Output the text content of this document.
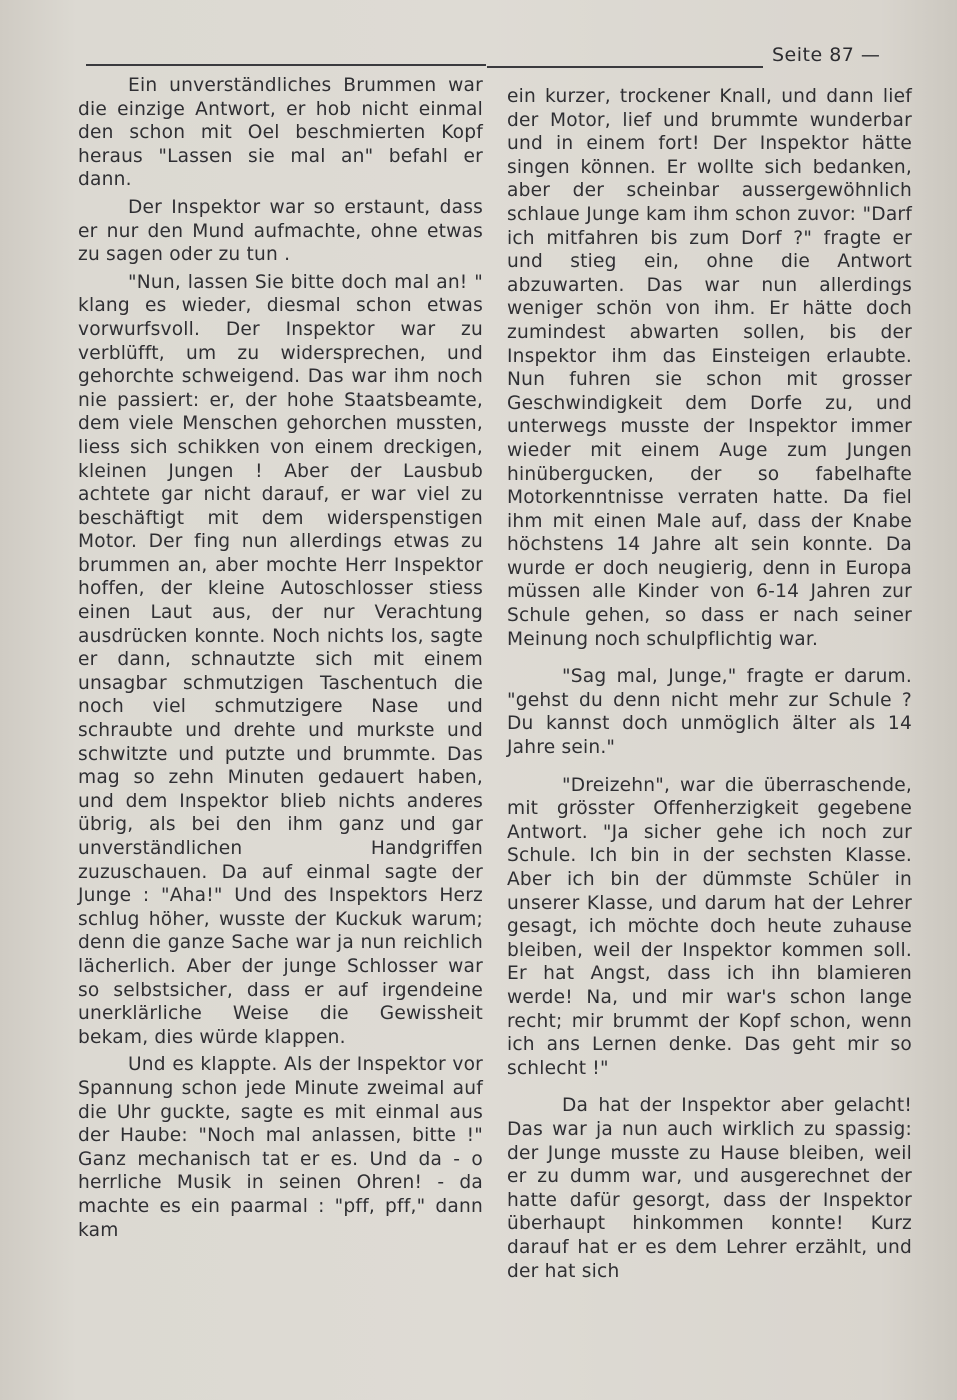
Seite 87 —

Ein unverständliches Brummen war die einzige Antwort, er hob nicht einmal den schon mit Oel beschmierten Kopf heraus "Lassen sie mal an" befahl er dann.

Der Inspektor war so erstaunt, dass er nur den Mund aufmachte, ohne etwas zu sagen oder zu tun .

"Nun, lassen Sie bitte doch mal an! " klang es wieder, diesmal schon etwas vorwurfsvoll. Der Inspektor war zu verblüfft, um zu widersprechen, und gehorchte schweigend. Das war ihm noch nie passiert: er, der hohe Staatsbeamte, dem viele Menschen gehorchen mussten, liess sich schikken von einem dreckigen, kleinen Jungen ! Aber der Lausbub achtete gar nicht darauf, er war viel zu beschäftigt mit dem widerspenstigen Motor. Der fing nun allerdings etwas zu brummen an, aber mochte Herr Inspektor hoffen, der kleine Autoschlosser stiess einen Laut aus, der nur Verachtung ausdrücken konnte. Noch nichts los, sagte er dann, schnautzte sich mit einem unsagbar schmutzigen Taschentuch die noch viel schmutzigere Nase und schraubte und drehte und murkste und schwitzte und putzte und brummte. Das mag so zehn Minuten gedauert haben, und dem Inspektor blieb nichts anderes übrig, als bei den ihm ganz und gar unverständlichen Handgriffen zuzuschauen. Da auf einmal sagte der Junge : "Aha!" Und des Inspektors Herz schlug höher, wusste der Kuckuk warum; denn die ganze Sache war ja nun reichlich lächerlich. Aber der junge Schlosser war so selbstsicher, dass er auf irgendeine unerklärliche Weise die Gewissheit bekam, dies würde klappen.

Und es klappte. Als der Inspektor vor Spannung schon jede Minute zweimal auf die Uhr guckte, sagte es mit einmal aus der Haube: "Noch mal anlassen, bitte !" Ganz mechanisch tat er es. Und da - o herrliche Musik in seinen Ohren! - da machte es ein paarmal : "pff, pff," dann kam

ein kurzer, trockener Knall, und dann lief der Motor, lief und brummte wunderbar und in einem fort! Der Inspektor hätte singen können. Er wollte sich bedanken, aber der scheinbar aussergewöhnlich schlaue Junge kam ihm schon zuvor: "Darf ich mitfahren bis zum Dorf ?" fragte er und stieg ein, ohne die Antwort abzuwarten. Das war nun allerdings weniger schön von ihm. Er hätte doch zumindest abwarten sollen, bis der Inspektor ihm das Einsteigen erlaubte. Nun fuhren sie schon mit grosser Geschwindigkeit dem Dorfe zu, und unterwegs musste der Inspektor immer wieder mit einem Auge zum Jungen hinübergucken, der so fabelhafte Motorkenntnisse verraten hatte. Da fiel ihm mit einen Male auf, dass der Knabe höchstens 14 Jahre alt sein konnte. Da wurde er doch neugierig, denn in Europa müssen alle Kinder von 6-14 Jahren zur Schule gehen, so dass er nach seiner Meinung noch schulpflichtig war.

"Sag mal, Junge," fragte er darum. "gehst du denn nicht mehr zur Schule ? Du kannst doch unmöglich älter als 14 Jahre sein."

"Dreizehn", war die überraschende, mit grösster Offenherzigkeit gegebene Antwort. "Ja sicher gehe ich noch zur Schule. Ich bin in der sechsten Klasse. Aber ich bin der dümmste Schüler in unserer Klasse, und darum hat der Lehrer gesagt, ich möchte doch heute zuhause bleiben, weil der Inspektor kommen soll. Er hat Angst, dass ich ihn blamieren werde! Na, und mir war's schon lange recht; mir brummt der Kopf schon, wenn ich ans Lernen denke. Das geht mir so schlecht !"

Da hat der Inspektor aber gelacht! Das war ja nun auch wirklich zu spassig: der Junge musste zu Hause bleiben, weil er zu dumm war, und ausgerechnet der hatte dafür gesorgt, dass der Inspektor überhaupt hinkommen konnte! Kurz darauf hat er es dem Lehrer erzählt, und der hat sich
